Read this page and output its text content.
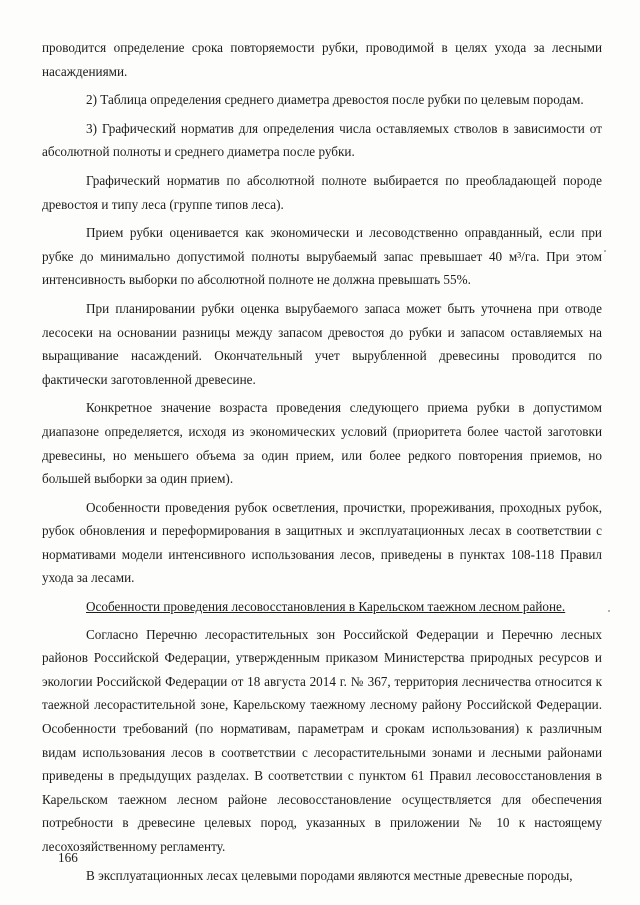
проводится определение срока повторяемости рубки, проводимой в целях ухода за лесными насаждениями.

2) Таблица определения среднего диаметра древостоя после рубки по целевым породам.

3) Графический норматив для определения числа оставляемых стволов в зависимости от абсолютной полноты и среднего диаметра после рубки.

Графический норматив по абсолютной полноте выбирается по преобладающей породе древостоя и типу леса (группе типов леса).

Прием рубки оценивается как экономически и лесоводственно оправданный, если при рубке до минимально допустимой полноты вырубаемый запас превышает 40 м³/га. При этом интенсивность выборки по абсолютной полноте не должна превышать 55%.

При планировании рубки оценка вырубаемого запаса может быть уточнена при отводе лесосеки на основании разницы между запасом древостоя до рубки и запасом оставляемых на выращивание насаждений. Окончательный учет вырубленной древесины проводится по фактически заготовленной древесине.

Конкретное значение возраста проведения следующего приема рубки в допустимом диапазоне определяется, исходя из экономических условий (приоритета более частой заготовки древесины, но меньшего объема за один прием, или более редкого повторения приемов, но большей выборки за один прием).

Особенности проведения рубок осветления, прочистки, прореживания, проходных рубок, рубок обновления и переформирования в защитных и эксплуатационных лесах в соответствии с нормативами модели интенсивного использования лесов, приведены в пунктах 108-118 Правил ухода за лесами.

Особенности проведения лесовосстановления в Карельском таежном лесном районе.

Согласно Перечню лесорастительных зон Российской Федерации и Перечню лесных районов Российской Федерации, утвержденным приказом Министерства природных ресурсов и экологии Российской Федерации от 18 августа 2014 г. № 367, территория лесничества относится к таежной лесорастительной зоне, Карельскому таежному лесному району Российской Федерации. Особенности требований (по нормативам, параметрам и срокам использования) к различным видам использования лесов в соответствии с лесорастительными зонами и лесными районами приведены в предыдущих разделах. В соответствии с пунктом 61 Правил лесовосстановления в Карельском таежном лесном районе лесовосстановление осуществляется для обеспечения потребности в древесине целевых пород, указанных в приложении № 10 к настоящему лесохозяйственному регламенту.

В эксплуатационных лесах целевыми породами являются местные древесные породы,

166
